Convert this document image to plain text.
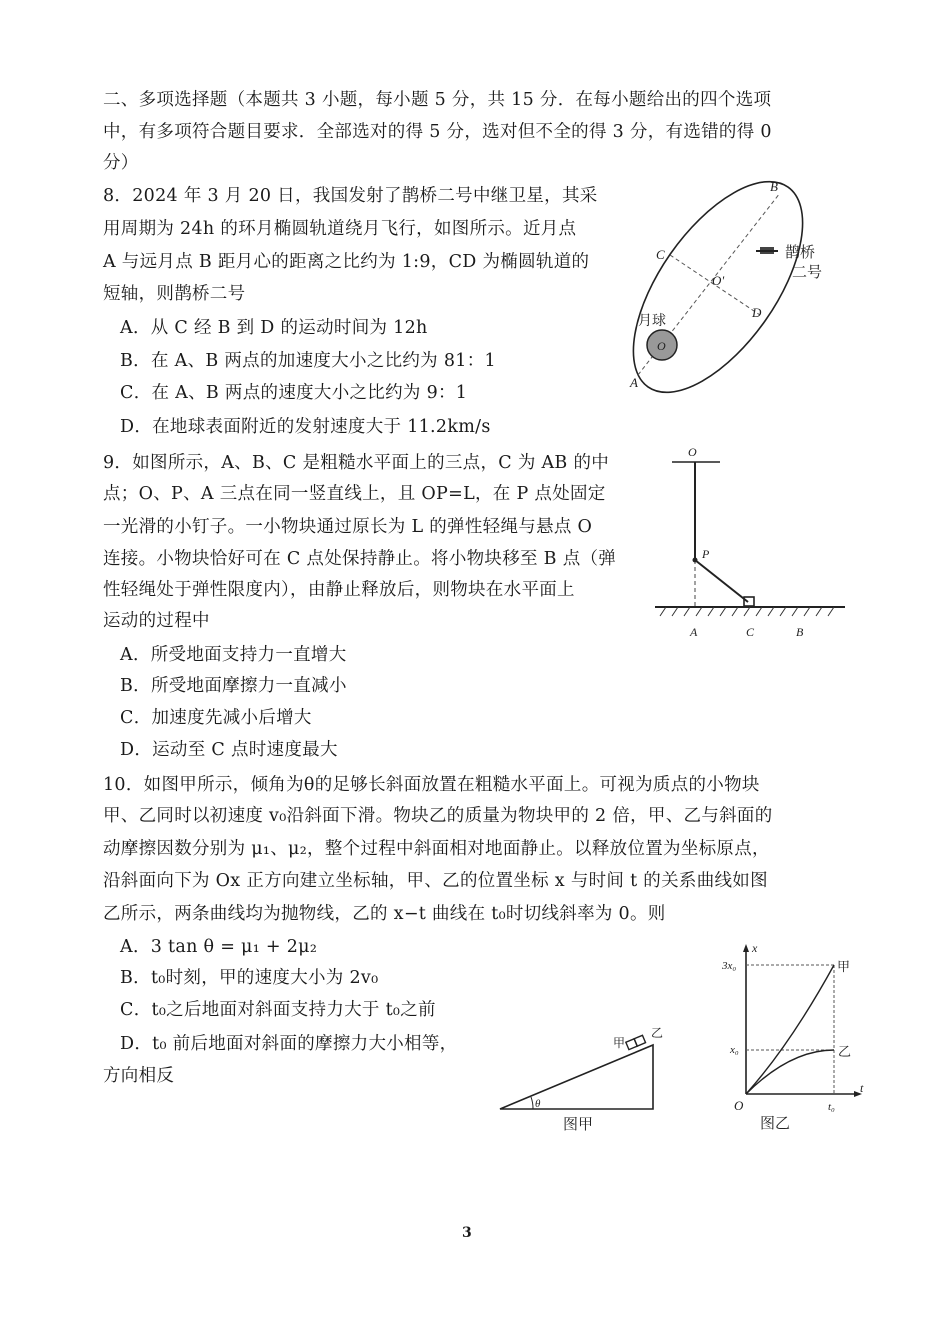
二、多项选择题（本题共 3 小题，每小题 5 分，共 15 分．在每小题给出的四个选项
中，有多项符合题目要求．全部选对的得 5 分，选对但不全的得 3 分，有选错的得 0
分）
8．2024 年 3 月 20 日，我国发射了鹊桥二号中继卫星，其采
用周期为 24h 的环月椭圆轨道绕月飞行，如图所示。近月点
A 与远月点 B 距月心的距离之比约为 1:9，CD 为椭圆轨道的
短轴，则鹊桥二号
A．从 C 经 B 到 D 的运动时间为 12h
B．在 A、B 两点的加速度大小之比约为 81：1
C．在 A、B 两点的速度大小之比约为 9：1
D．在地球表面附近的发射速度大于 11.2km/s
O
月球
A
B
C
D
O'
鹊桥
二号
9．如图所示，A、B、C 是粗糙水平面上的三点，C 为 AB 的中
点；O、P、A 三点在同一竖直线上，且 OP=L，在 P 点处固定
一光滑的小钉子。一小物块通过原长为 L 的弹性轻绳与悬点 O
连接。小物块恰好可在 C 点处保持静止。将小物块移至 B 点（弹
性轻绳处于弹性限度内），由静止释放后，则物块在水平面上
运动的过程中
A．所受地面支持力一直增大
B．所受地面摩擦力一直减小
C．加速度先减小后增大
D．运动至 C 点时速度最大
O
P
A	C	B
10．如图甲所示，倾角为θ的足够长斜面放置在粗糙水平面上。可视为质点的小物块
甲、乙同时以初速度 v₀沿斜面下滑。物块乙的质量为物块甲的 2 倍，甲、乙与斜面的
动摩擦因数分别为 μ₁、μ₂，整个过程中斜面相对地面静止。以释放位置为坐标原点，
沿斜面向下为 Ox 正方向建立坐标轴，甲、乙的位置坐标 x 与时间 t 的关系曲线如图
乙所示，两条曲线均为抛物线，乙的 x−t 曲线在 t₀时切线斜率为 0。则
A．3 tan θ = μ₁ + 2μ₂
B．t₀时刻，甲的速度大小为 2v₀
C．t₀之后地面对斜面支持力大于 t₀之前
D．t₀ 前后地面对斜面的摩擦力大小相等，
方向相反
θ
甲
乙
图甲
x
t
O
3x₀
x₀
t₀
甲
乙
图乙
3
